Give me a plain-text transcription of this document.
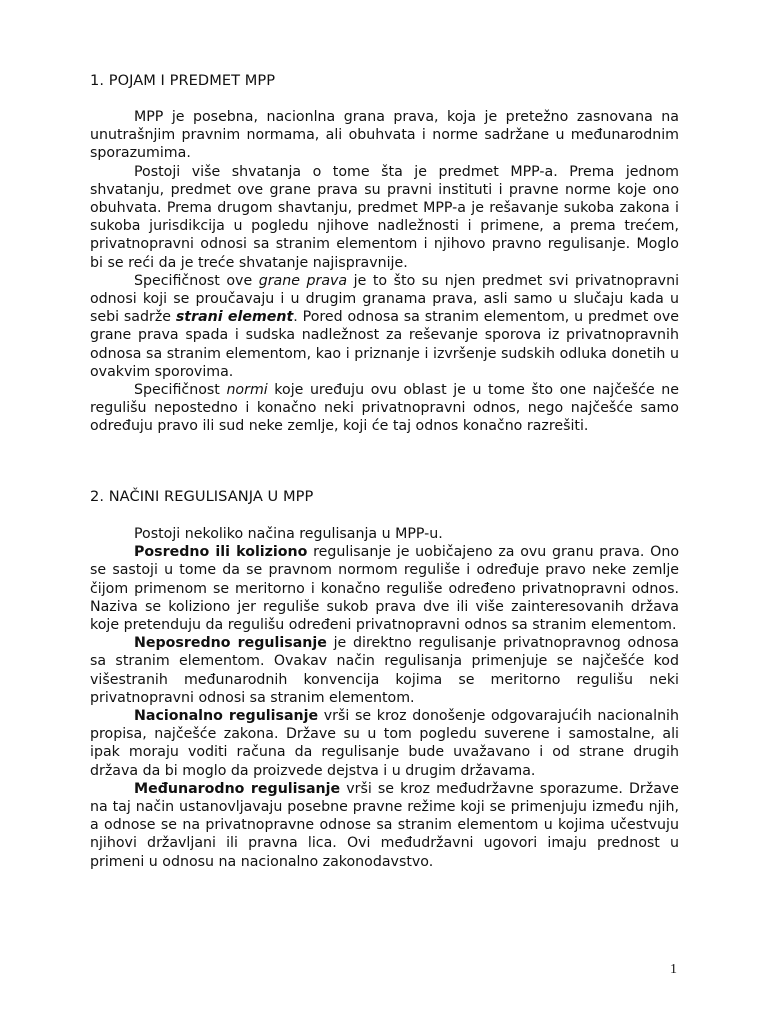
1. POJAM I PREDMET MPP

MPP je posebna, nacionlna grana prava, koja je pretežno zasnovana na unutrašnjim pravnim normama, ali obuhvata i norme sadržane u međunarodnim sporazumima.

Postoji više shvatanja o tome šta je predmet MPP-a. Prema jednom shvatanju, predmet ove grane prava su pravni instituti i pravne norme koje ono obuhvata. Prema drugom shavtanju, predmet MPP-a je rešavanje sukoba zakona i sukoba jurisdikcija u pogledu njihove nadležnosti i primene, a prema trećem, privatnopravni odnosi sa stranim elementom i njihovo pravno regulisanje. Moglo bi se reći da je treće shvatanje najispravnije.

Specifičnost ove grane prava je to što su njen predmet svi privatnopravni odnosi koji se proučavaju i u drugim granama prava, asli samo u slučaju kada u sebi sadrže strani element. Pored odnosa sa stranim elementom, u predmet ove grane prava spada i sudska nadležnost za reševanje sporova iz privatnopravnih odnosa sa stranim elementom, kao i priznanje i izvršenje sudskih odluka donetih u ovakvim sporovima.

Specifičnost normi koje uređuju ovu oblast je u tome što one najčešće ne regulišu nepostedno i konačno neki privatnopravni odnos, nego najčešće samo određuju pravo ili sud neke zemlje, koji će taj odnos konačno razrešiti.

2. NAČINI REGULISANJA U MPP

Postoji nekoliko načina regulisanja u MPP-u.

Posredno ili koliziono regulisanje je uobičajeno za ovu granu prava. Ono se sastoji u tome da se pravnom normom reguliše i određuje pravo neke zemlje čijom primenom se meritorno i konačno reguliše određeno privatnopravni odnos. Naziva se koliziono jer reguliše sukob prava dve ili više zainteresovanih država koje pretenduju da regulišu određeni privatnopravni odnos sa stranim elementom.

Neposredno regulisanje je direktno regulisanje privatnopravnog odnosa sa stranim elementom. Ovakav način regulisanja primenjuje se najčešće kod višestranih međunarodnih konvencija kojima se meritorno regulišu neki privatnopravni odnosi sa stranim elementom.

Nacionalno regulisanje vrši se kroz donošenje odgovarajućih nacionalnih propisa, najčešće zakona. Države su u tom pogledu suverene i samostalne, ali ipak moraju voditi računa da regulisanje bude uvažavano i od strane drugih država da bi moglo da proizvede dejstva i u drugim državama.

Međunarodno regulisanje vrši se kroz međudržavne sporazume. Države na taj način ustanovljavaju posebne pravne režime koji se primenjuju između njih, a odnose se na privatnopravne odnose sa stranim elementom u kojima učestvuju njihovi državljani ili pravna lica. Ovi međudržavni ugovori imaju prednost u primeni u odnosu na nacionalno zakonodavstvo.

1
